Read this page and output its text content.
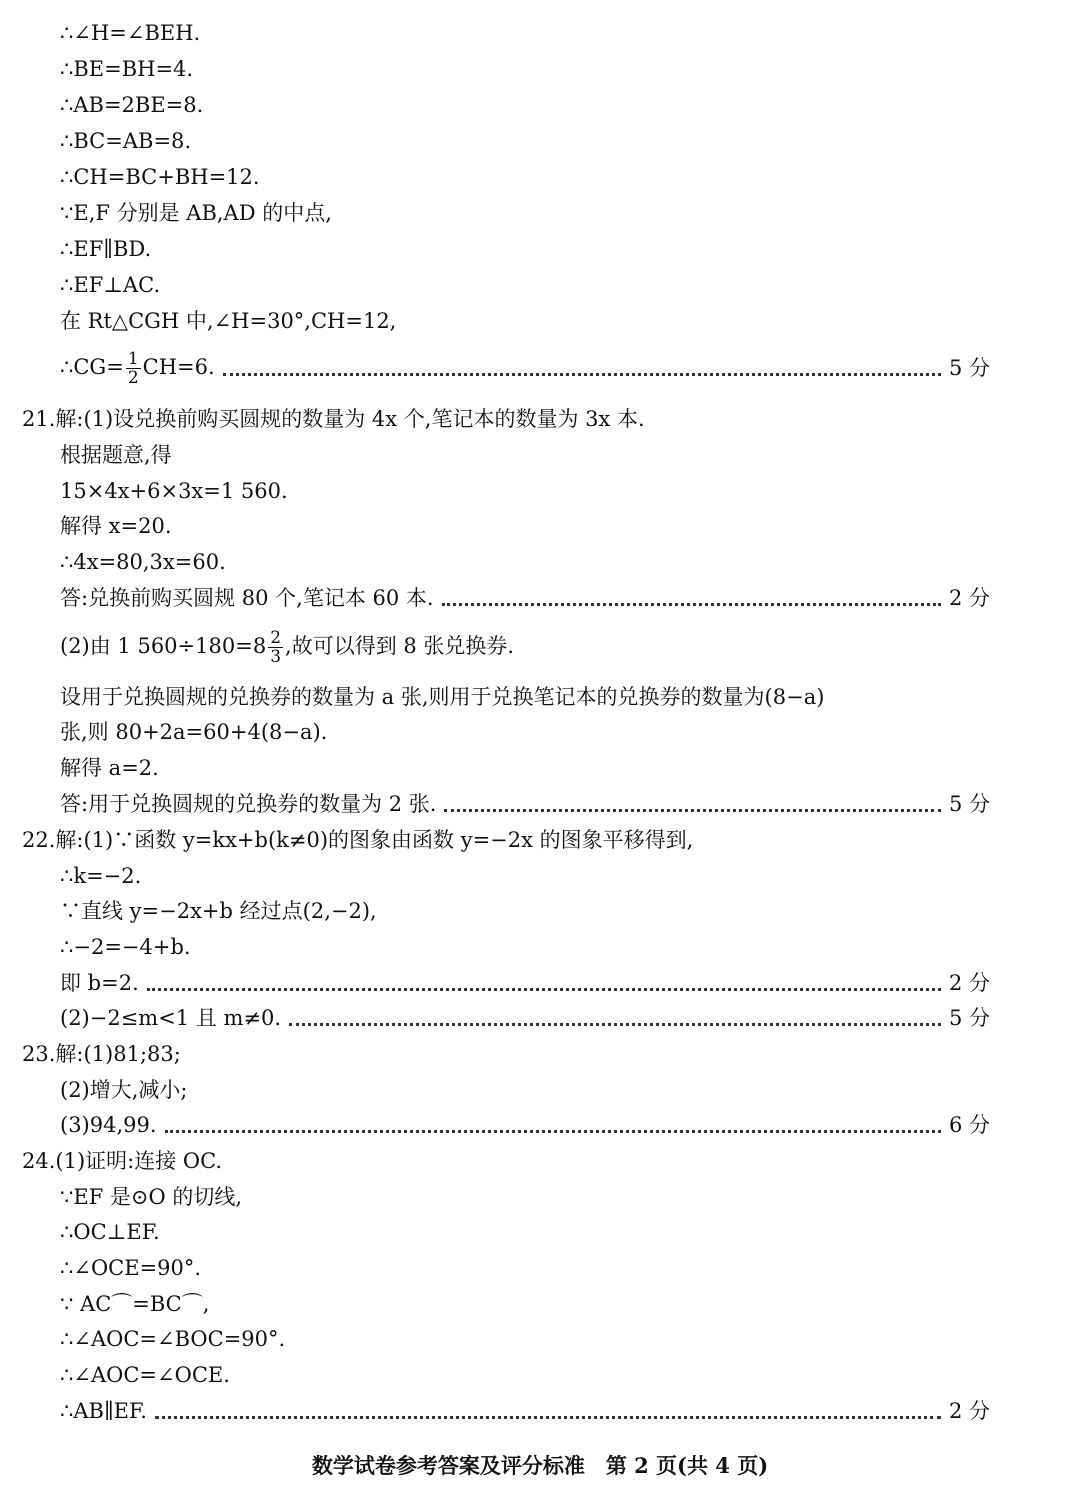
∴∠H=∠BEH.
∴BE=BH=4.
∴AB=2BE=8.
∴BC=AB=8.
∴CH=BC+BH=12.
∵E,F 分别是 AB,AD 的中点,
∴EF∥BD.
∴EF⊥AC.
在 Rt△CGH 中,∠H=30°,CH=12,
∴CG= $\frac{1}{2} CH=6$.	5 分
21.解:(1)设兑换前购买圆规的数量为 4x 个,笔记本的数量为 3x 本.
根据题意,得
15×4x+6×3x=1 560.
解得 x=20.
∴4x=80,3x=60.
答:兑换前购买圆规 80 个,笔记本 60 本.	2 分
(2)由 1 $560\div 180=8 \frac{2}{3}$ ,故可以得到 8 张兑换券.
设用于兑换圆规的兑换券的数量为 a 张,则用于兑换笔记本的兑换券的数量为(8−a)
张,则 80+2a=60+4(8−a).
解得 a=2.
答:用于兑换圆规的兑换券的数量为 2 张.	5 分
22.解:(1)∵函数 y=kx+b(k≠0)的图象由函数 y=−2x 的图象平移得到,
∴k=−2.
∵直线 y=−2x+b 经过点(2,−2),
∴−2=−4+b.
即 b=2.	2 分
(2)−2≤m<1 且 m≠0.	5 分
23.解:(1)81;83;
(2)增大,减小;
(3)94,99.	6 分
24.(1)证明:连接 OC.
∵EF 是⊙O 的切线,
∴OC⊥EF.
∴∠OCE=90°.
∵ AC⌒=BC⌒,
∴∠AOC=∠BOC=90°.
∴∠AOC=∠OCE.
∴AB∥EF.	2 分
数学试卷参考答案及评分标准　第 2 页(共 4 页)
